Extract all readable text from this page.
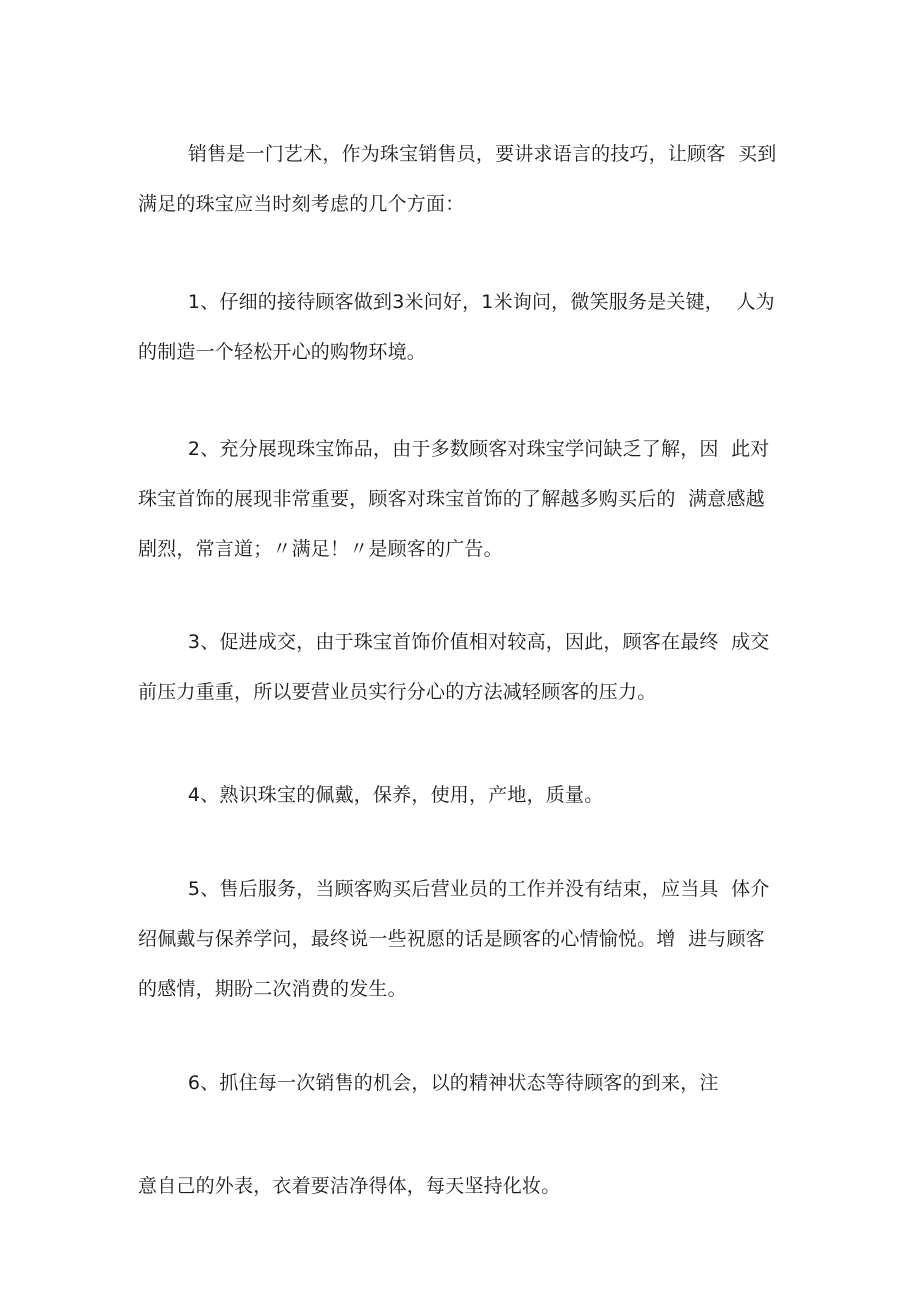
销售是一门艺术，作为珠宝销售员，要讲求语言的技巧，让顾客  买到
满足的珠宝应当时刻考虑的几个方面：

1、仔细的接待顾客做到3米问好，1米询问，微笑服务是关键，  人为
的制造一个轻松开心的购物环境。

2、充分展现珠宝饰品，由于多数顾客对珠宝学问缺乏了解，因  此对
珠宝首饰的展现非常重要，顾客对珠宝首饰的了解越多购买后的  满意感越
剧烈，常言道；〃满足！〃是顾客的广告。

3、促进成交，由于珠宝首饰价值相对较高，因此，顾客在最终  成交
前压力重重，所以要营业员实行分心的方法减轻顾客的压力。

4、熟识珠宝的佩戴，保养，使用，产地，质量。

5、售后服务，当顾客购买后营业员的工作并没有结束，应当具  体介
绍佩戴与保养学问，最终说一些祝愿的话是顾客的心情愉悦。增  进与顾客
的感情，期盼二次消费的发生。

6、抓住每一次销售的机会，以的精神状态等待顾客的到来，注

意自己的外表，衣着要洁净得体，每天坚持化妆。
